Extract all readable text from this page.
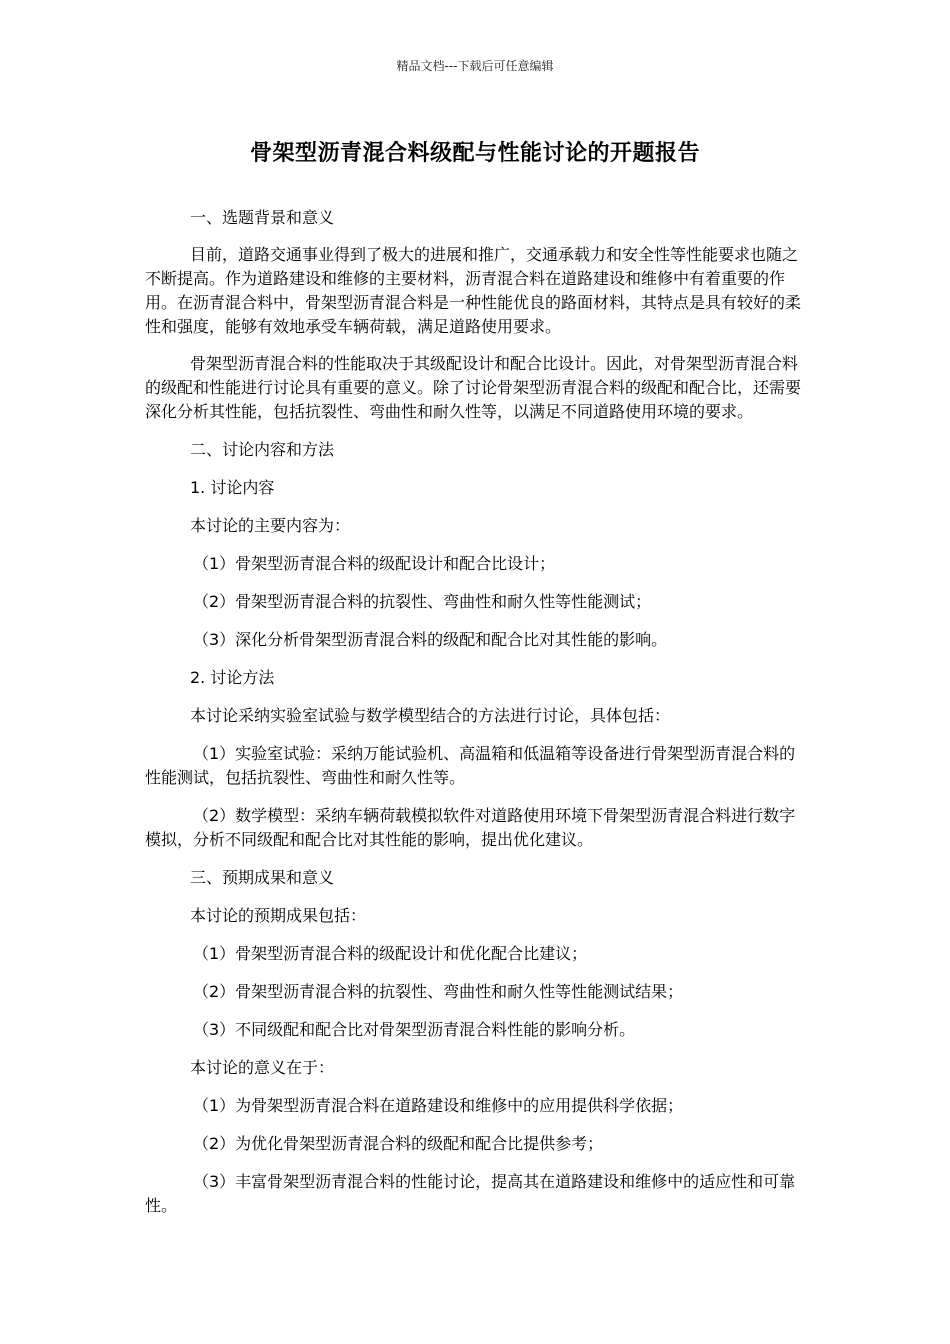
精品文档---下载后可任意编辑
骨架型沥青混合料级配与性能讨论的开题报告

一、选题背景和意义

目前，道路交通事业得到了极大的进展和推广，交通承载力和安全性等性能要求也随之不断提高。作为道路建设和维修的主要材料，沥青混合料在道路建设和维修中有着重要的作用。在沥青混合料中，骨架型沥青混合料是一种性能优良的路面材料，其特点是具有较好的柔性和强度，能够有效地承受车辆荷载，满足道路使用要求。

骨架型沥青混合料的性能取决于其级配设计和配合比设计。因此，对骨架型沥青混合料的级配和性能进行讨论具有重要的意义。除了讨论骨架型沥青混合料的级配和配合比，还需要深化分析其性能，包括抗裂性、弯曲性和耐久性等，以满足不同道路使用环境的要求。

二、讨论内容和方法

1. 讨论内容

本讨论的主要内容为：

（1）骨架型沥青混合料的级配设计和配合比设计；

（2）骨架型沥青混合料的抗裂性、弯曲性和耐久性等性能测试；

（3）深化分析骨架型沥青混合料的级配和配合比对其性能的影响。

2. 讨论方法

本讨论采纳实验室试验与数学模型结合的方法进行讨论，具体包括：

（1）实验室试验：采纳万能试验机、高温箱和低温箱等设备进行骨架型沥青混合料的性能测试，包括抗裂性、弯曲性和耐久性等。

（2）数学模型：采纳车辆荷载模拟软件对道路使用环境下骨架型沥青混合料进行数字模拟，分析不同级配和配合比对其性能的影响，提出优化建议。

三、预期成果和意义

本讨论的预期成果包括：

（1）骨架型沥青混合料的级配设计和优化配合比建议；

（2）骨架型沥青混合料的抗裂性、弯曲性和耐久性等性能测试结果；

（3）不同级配和配合比对骨架型沥青混合料性能的影响分析。

本讨论的意义在于：

（1）为骨架型沥青混合料在道路建设和维修中的应用提供科学依据；

（2）为优化骨架型沥青混合料的级配和配合比提供参考；

（3）丰富骨架型沥青混合料的性能讨论，提高其在道路建设和维修中的适应性和可靠性。
